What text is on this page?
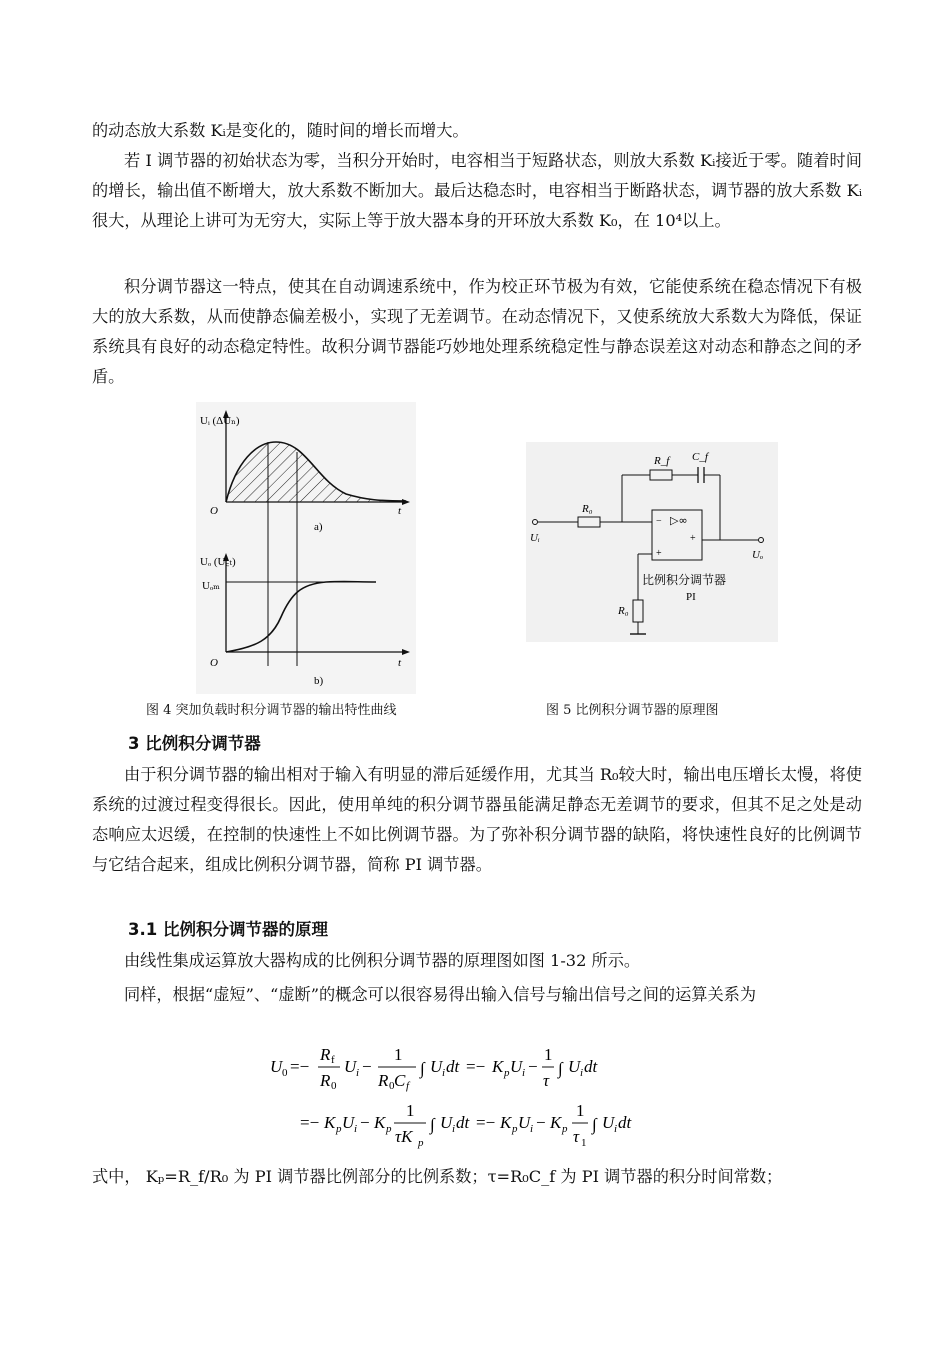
的动态放大系数 Kᵢ是变化的，随时间的增长而增大。

若 I 调节器的初始状态为零，当积分开始时，电容相当于短路状态，则放大系数 Kᵢ接近于零。随着时间的增长，输出值不断增大，放大系数不断加大。最后达稳态时，电容相当于断路状态，调节器的放大系数 Kᵢ很大，从理论上讲可为无穷大，实际上等于放大器本身的开环放大系数 K₀，在 10⁴以上。

积分调节器这一特点，使其在自动调速系统中，作为校正环节极为有效，它能使系统在稳态情况下有极大的放大系数，从而使静态偏差极小，实现了无差调节。在动态情况下，又使系统放大系数大为降低，保证系统具有良好的动态稳定特性。故积分调节器能巧妙地处理系统稳定性与静态误差这对动态和静态之间的矛盾。

Uᵢ (ΔUₙ)
O	t
a)
Uₒ (U꜀ₜ)
Uₒₘ
O	t
b)
Uᵢ
R₀
R_f C_f
− ▷∞
+
+	Uₒ
R₀
比例积分调节器
PI

图 4 突加负载时积分调节器的输出特性曲线	图 5 比例积分调节器的原理图

3 比例积分调节器

由于积分调节器的输出相对于输入有明显的滞后延缓作用，尤其当 R₀较大时，输出电压增长太慢，将使系统的过渡过程变得很长。因此，使用单纯的积分调节器虽能满足静态无差调节的要求，但其不足之处是动态响应太迟缓，在控制的快速性上不如比例调节器。为了弥补积分调节器的缺陷，将快速性良好的比例调节与它结合起来，组成比例积分调节器，简称 PI 调节器。

3.1 比例积分调节器的原理

由线性集成运算放大器构成的比例积分调节器的原理图如图 1-32 所示。

同样，根据“虚短”、“虚断”的概念可以很容易得出输入信号与输出信号之间的运算关系为

U 0 =−
R f
R 0
U i −
1
R 0 C f
∫ U i dt =− K p U i −
1
τ
∫ U i dt
=− K p U i − K p
1
τK p
∫ U i dt =− K p U i − K p
1
τ 1
∫ U i dt

式中， Kₚ=R_f/R₀ 为 PI 调节器比例部分的比例系数；τ=R₀C_f 为 PI 调节器的积分时间常数；
